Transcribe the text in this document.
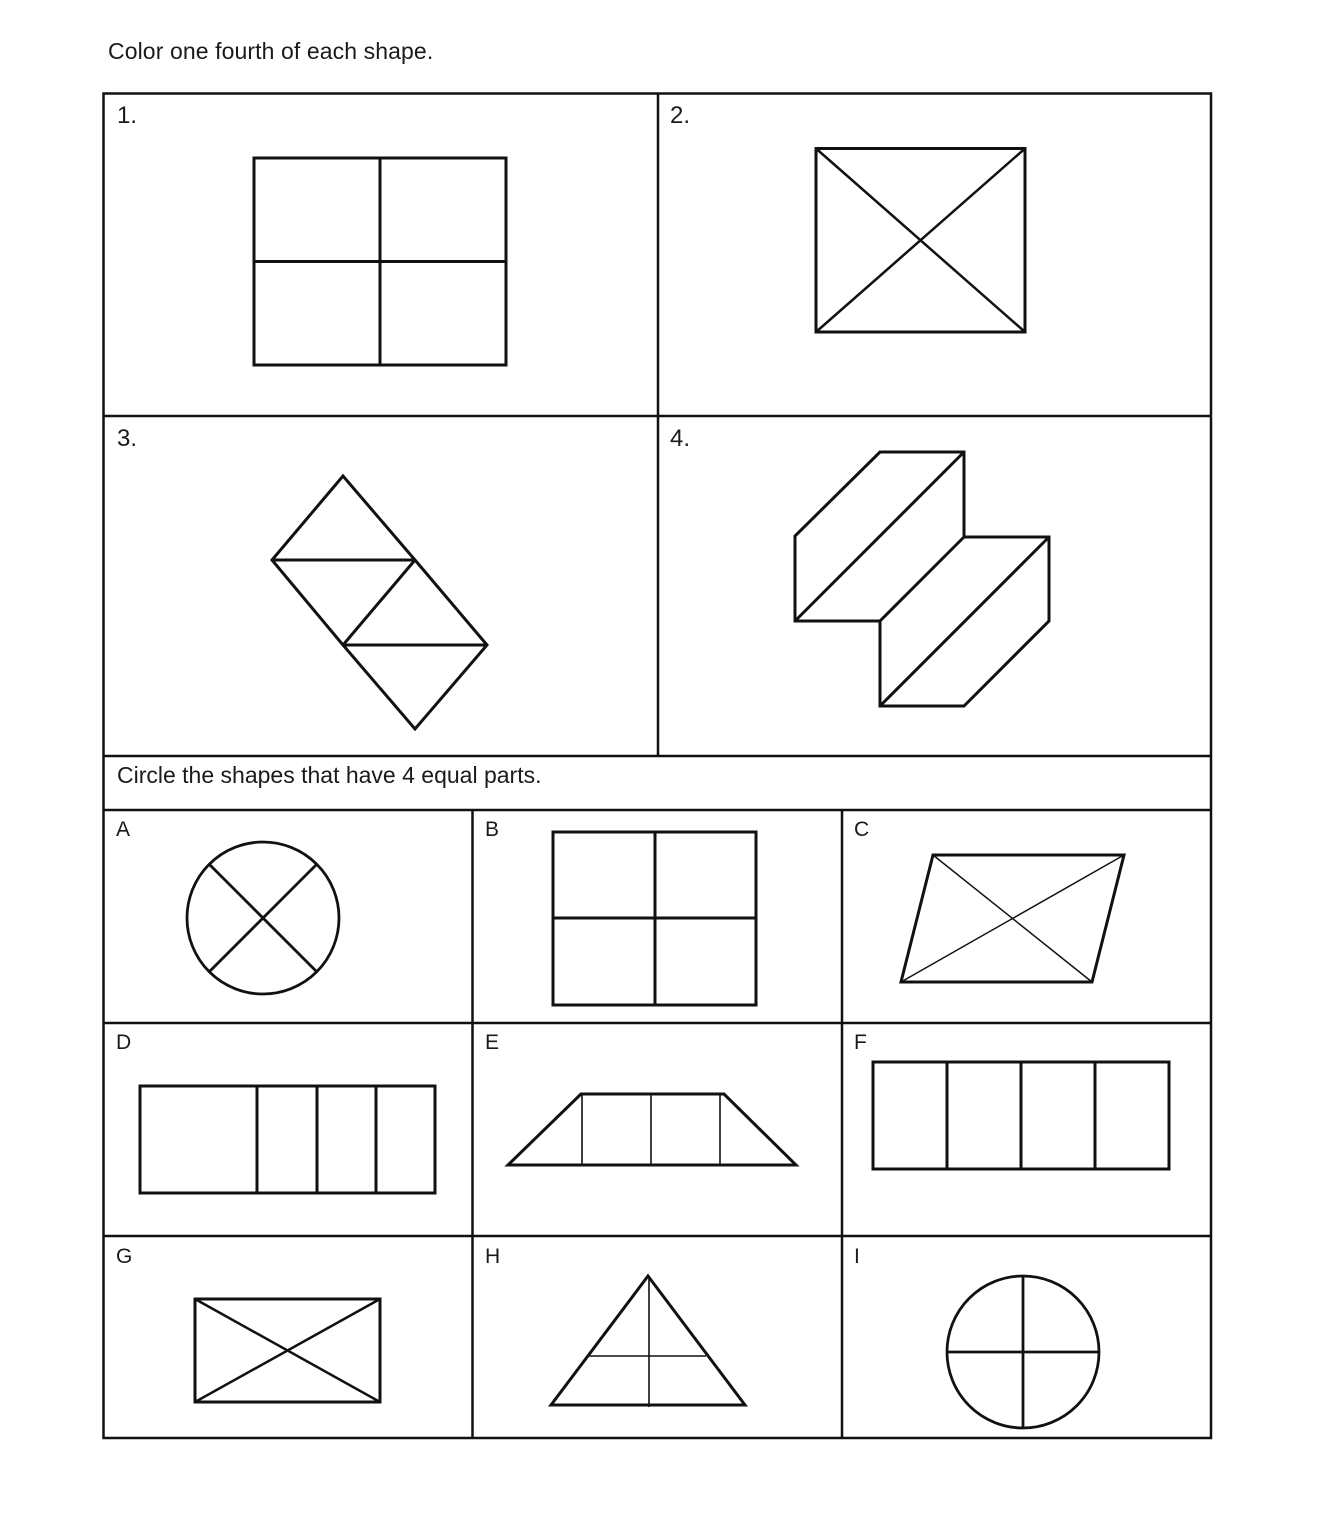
Color one fourth of each shape.
1.	2.
3.	4.
Circle the shapes that have 4 equal parts.
A	B	C
D	E	F
G	H	I
